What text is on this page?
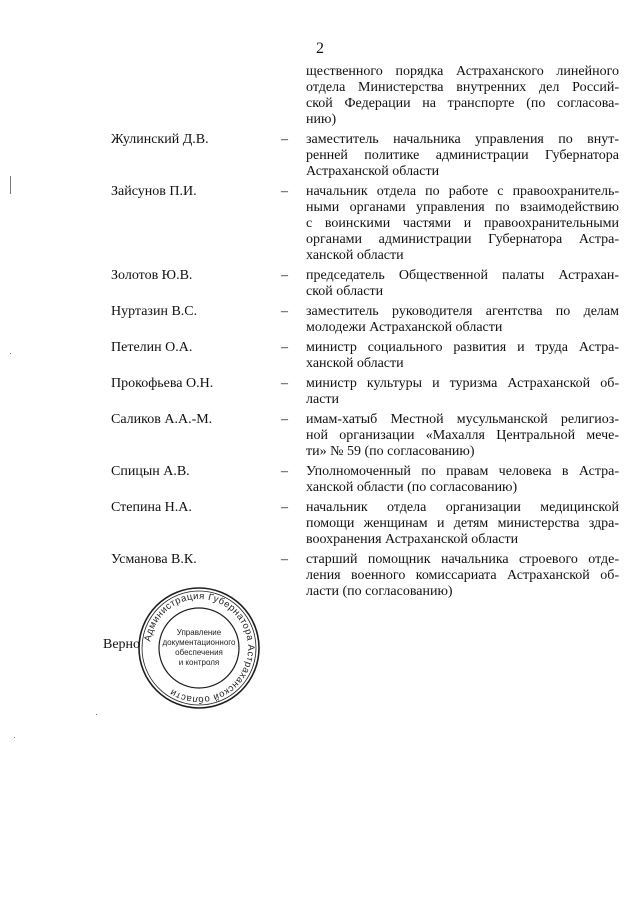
2
щественного порядка Астраханского линейного
отдела Министерства внутренних дел Россий-
ской Федерации на транспорте (по согласова-
нию)
Жулинский Д.В.	–	заместитель начальника управления по внут-
ренней политике администрации Губернатора
Астраханской области
Зайсунов П.И.	–	начальник отдела по работе с правоохранитель-
ными органами управления по взаимодействию
с воинскими частями и правоохранительными
органами администрации Губернатора Астра-
ханской области
Золотов Ю.В.	–	председатель Общественной палаты Астрахан-
ской области
Нуртазин В.С.	–	заместитель руководителя агентства по делам
молодежи Астраханской области
Петелин О.А.	–	министр социального развития и труда Астра-
ханской области
Прокофьева О.Н.	–	министр культуры и туризма Астраханской об-
ласти
Саликов А.А.-М.	–	имам-хатыб Местной мусульманской религиоз-
ной организации «Махалля Центральной мече-
ти» № 59 (по согласованию)
Спицын А.В.	–	Уполномоченный по правам человека в Астра-
ханской области (по согласованию)
Степина Н.А.	–	начальник отдела организации медицинской
помощи женщинам и детям министерства здра-
воохранения Астраханской области
Усманова В.К.	–	старший помощник начальника строевого отде-
ления военного комиссариата Астраханской об-
ласти (по согласованию)
Верно Администрация Губернатора Астраханской области
Управление документационного обеспечения и контроля
